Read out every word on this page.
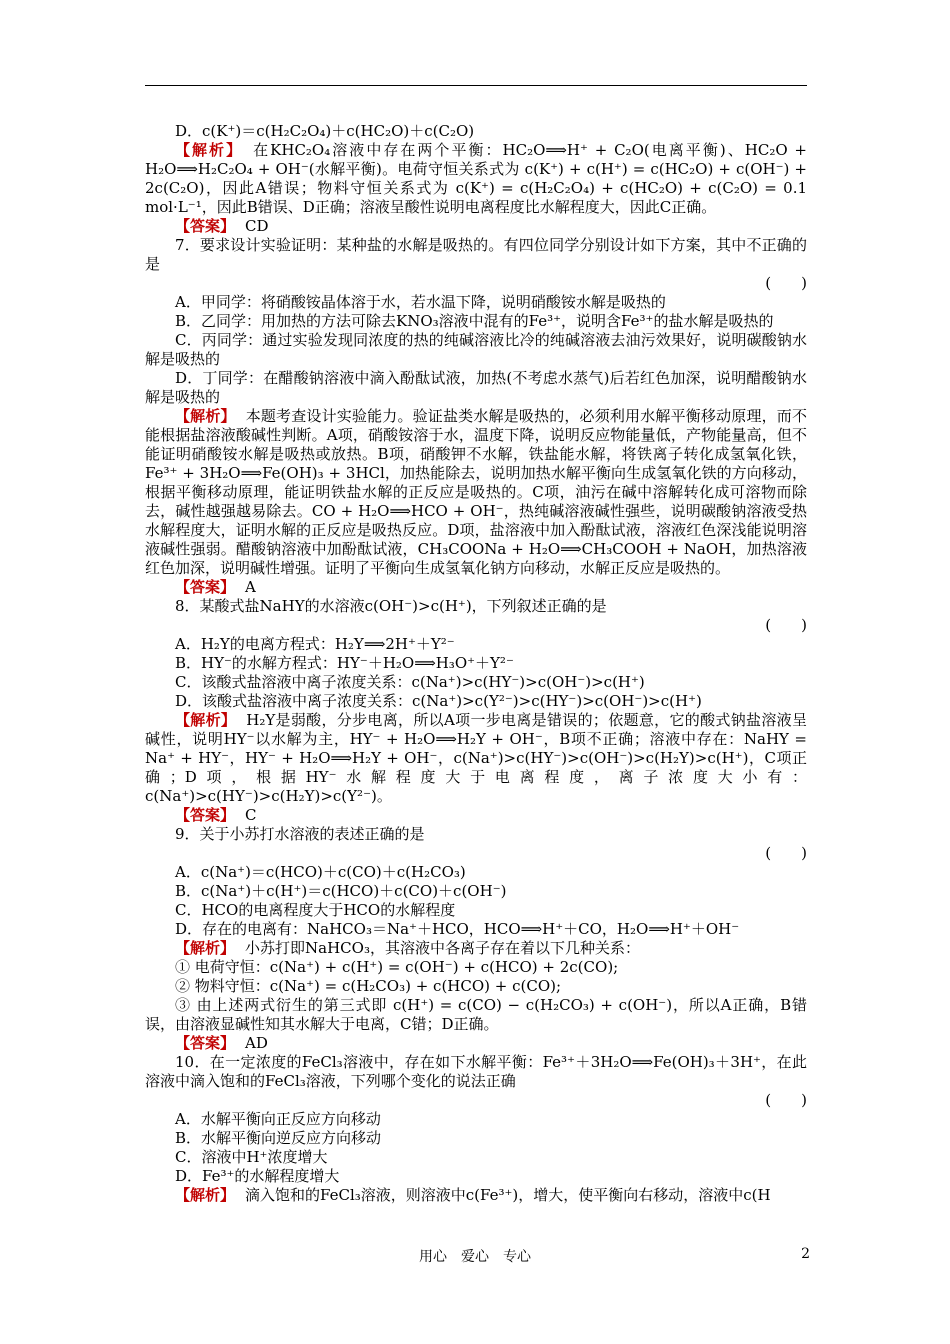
D．c(K⁺)＝c(H₂C₂O₄)＋c(HC₂O)＋c(C₂O)

【解析】 在KHC₂O₄溶液中存在两个平衡：HC₂O⟹H⁺ + C₂O(电离平衡)、HC₂O + H₂O⟹H₂C₂O₄ + OH⁻(水解平衡)。电荷守恒关系式为 c(K⁺) + c(H⁺) = c(HC₂O) + c(OH⁻) + 2c(C₂O)，因此A错误；物料守恒关系式为 c(K⁺) = c(H₂C₂O₄) + c(HC₂O) + c(C₂O) = 0.1 mol·L⁻¹，因此B错误、D正确；溶液呈酸性说明电离程度比水解程度大，因此C正确。

【答案】 CD

7．要求设计实验证明：某种盐的水解是吸热的。有四位同学分别设计如下方案，其中不正确的是

(　　)

A．甲同学：将硝酸铵晶体溶于水，若水温下降，说明硝酸铵水解是吸热的

B．乙同学：用加热的方法可除去KNO₃溶液中混有的Fe³⁺，说明含Fe³⁺的盐水解是吸热的

C．丙同学：通过实验发现同浓度的热的纯碱溶液比冷的纯碱溶液去油污效果好，说明碳酸钠水解是吸热的

D．丁同学：在醋酸钠溶液中滴入酚酞试液，加热(不考虑水蒸气)后若红色加深，说明醋酸钠水解是吸热的

【解析】 本题考查设计实验能力。验证盐类水解是吸热的，必须利用水解平衡移动原理，而不能根据盐溶液酸碱性判断。A项，硝酸铵溶于水，温度下降，说明反应物能量低，产物能量高，但不能证明硝酸铵水解是吸热或放热。B项，硝酸钾不水解，铁盐能水解，将铁离子转化成氢氧化铁，Fe³⁺ + 3H₂O⟹Fe(OH)₃ + 3HCl，加热能除去，说明加热水解平衡向生成氢氧化铁的方向移动，根据平衡移动原理，能证明铁盐水解的正反应是吸热的。C项，油污在碱中溶解转化成可溶物而除去，碱性越强越易除去。CO + H₂O⟹HCO + OH⁻，热纯碱溶液碱性强些，说明碳酸钠溶液受热水解程度大，证明水解的正反应是吸热反应。D项，盐溶液中加入酚酞试液，溶液红色深浅能说明溶液碱性强弱。醋酸钠溶液中加酚酞试液，CH₃COONa + H₂O⟹CH₃COOH + NaOH，加热溶液红色加深，说明碱性增强。证明了平衡向生成氢氧化钠方向移动，水解正反应是吸热的。

【答案】 A

8．某酸式盐NaHY的水溶液c(OH⁻)>c(H⁺)，下列叙述正确的是

(　　)

A．H₂Y的电离方程式：H₂Y⟹2H⁺＋Y²⁻

B．HY⁻的水解方程式：HY⁻＋H₂O⟹H₃O⁺＋Y²⁻

C．该酸式盐溶液中离子浓度关系：c(Na⁺)>c(HY⁻)>c(OH⁻)>c(H⁺)

D．该酸式盐溶液中离子浓度关系：c(Na⁺)>c(Y²⁻)>c(HY⁻)>c(OH⁻)>c(H⁺)

【解析】 H₂Y是弱酸，分步电离，所以A项一步电离是错误的；依题意，它的酸式钠盐溶液呈碱性，说明HY⁻以水解为主，HY⁻ + H₂O⟹H₂Y + OH⁻，B项不正确；溶液中存在：NaHY = Na⁺ + HY⁻，HY⁻ + H₂O⟹H₂Y + OH⁻，c(Na⁺)>c(HY⁻)>c(OH⁻)>c(H₂Y)>c(H⁺)，C项正确；D项，根据HY⁻水解程度大于电离程度，离子浓度大小有：c(Na⁺)>c(HY⁻)>c(H₂Y)>c(Y²⁻)。

【答案】 C

9．关于小苏打水溶液的表述正确的是

(　　)

A．c(Na⁺)＝c(HCO)＋c(CO)＋c(H₂CO₃)

B．c(Na⁺)＋c(H⁺)＝c(HCO)＋c(CO)＋c(OH⁻)

C．HCO的电离程度大于HCO的水解程度

D．存在的电离有：NaHCO₃＝Na⁺＋HCO，HCO⟹H⁺＋CO，H₂O⟹H⁺＋OH⁻

【解析】 小苏打即NaHCO₃，其溶液中各离子存在着以下几种关系：

① 电荷守恒：c(Na⁺) + c(H⁺) = c(OH⁻) + c(HCO) + 2c(CO);

② 物料守恒：c(Na⁺) = c(H₂CO₃) + c(HCO) + c(CO);

③ 由上述两式衍生的第三式即 c(H⁺) = c(CO) − c(H₂CO₃) + c(OH⁻)，所以A正确，B错误，由溶液显碱性知其水解大于电离，C错；D正确。

【答案】 AD

10．在一定浓度的FeCl₃溶液中，存在如下水解平衡：Fe³⁺＋3H₂O⟹Fe(OH)₃＋3H⁺，在此溶液中滴入饱和的FeCl₃溶液，下列哪个变化的说法正确

(　　)

A．水解平衡向正反应方向移动

B．水解平衡向逆反应方向移动

C．溶液中H⁺浓度增大

D．Fe³⁺的水解程度增大

【解析】 滴入饱和的FeCl₃溶液，则溶液中c(Fe³⁺)，增大，使平衡向右移动，溶液中c(H

用心　爱心　专心	2
